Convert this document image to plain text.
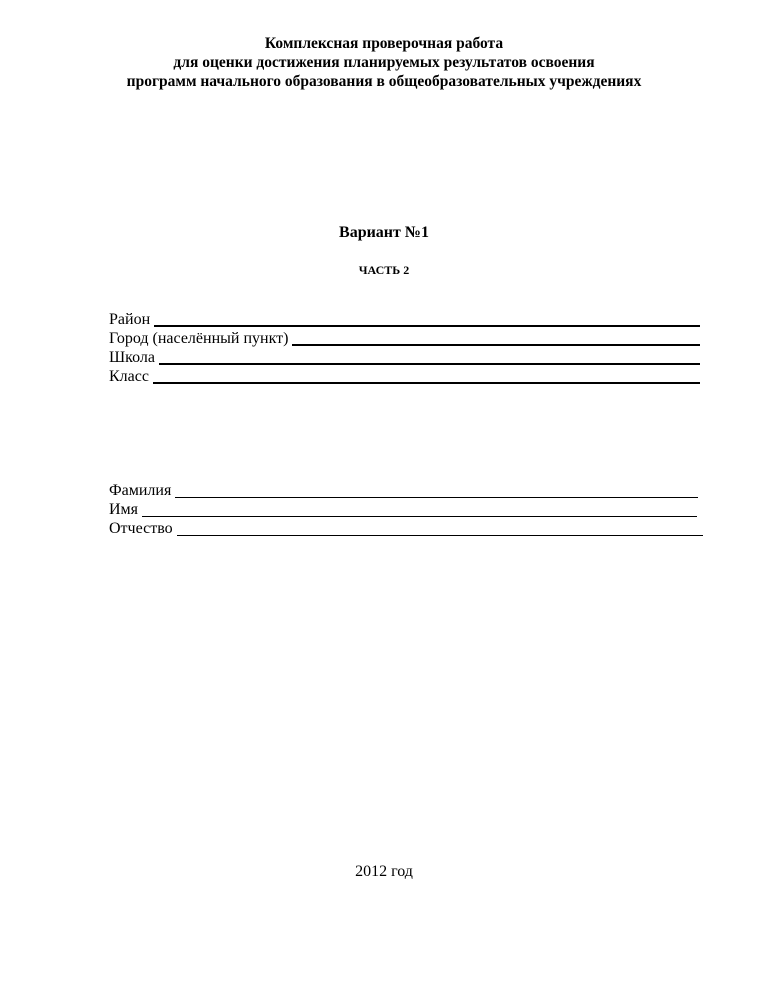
Комплексная проверочная работа
для оценки достижения планируемых результатов освоения
программ начального образования в общеобразовательных учреждениях
Вариант №1
ЧАСТЬ 2
Район
Город (населённый пункт)
Школа
Класс
Фамилия
Имя
Отчество
2012 год
